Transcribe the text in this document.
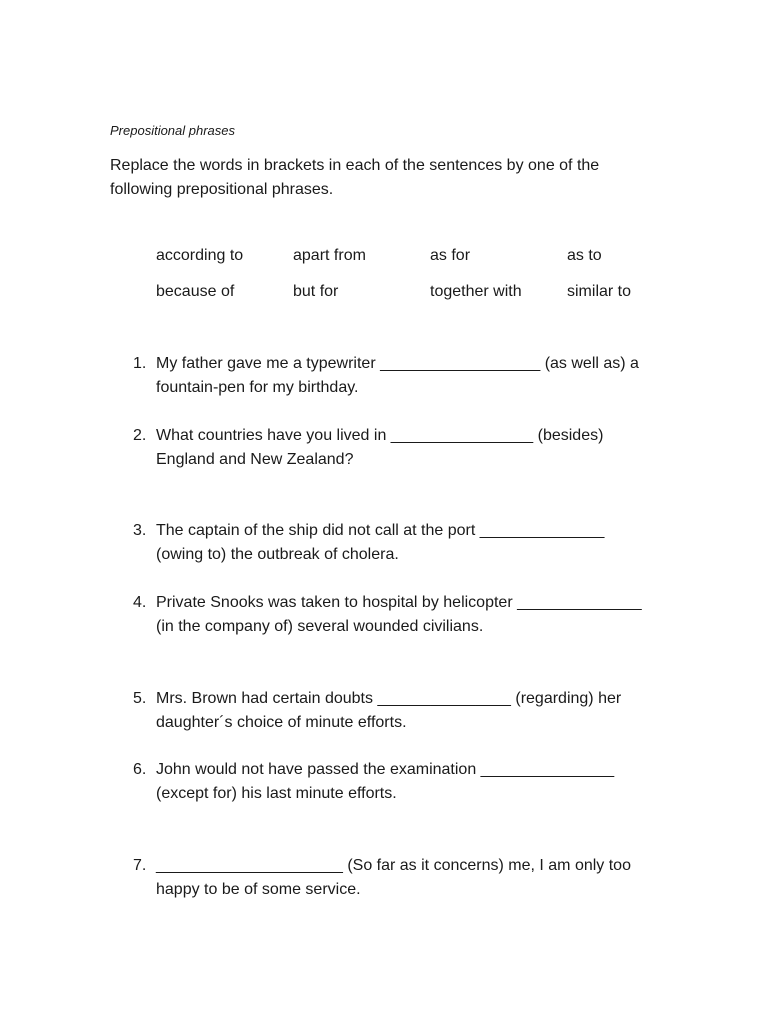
Prepositional phrases
Replace the words in brackets in each of the sentences by one of the following prepositional phrases.
according to	apart from	as for	as to
because of	but for	together with	similar to
1. My father gave me a typewriter __________________ (as well as) a fountain-pen for my birthday.
2. What countries have you lived in ________________ (besides) England and New Zealand?
3. The captain of the ship did not call at the port ______________ (owing to) the outbreak of cholera.
4. Private Snooks was taken to hospital by helicopter ______________ (in the company of) several wounded civilians.
5. Mrs. Brown had certain doubts _______________ (regarding) her daughter´s choice of minute efforts.
6. John would not have passed the examination _______________ (except for) his last minute efforts.
7. _____________________ (So far as it concerns) me, I am only too happy to be of some service.
